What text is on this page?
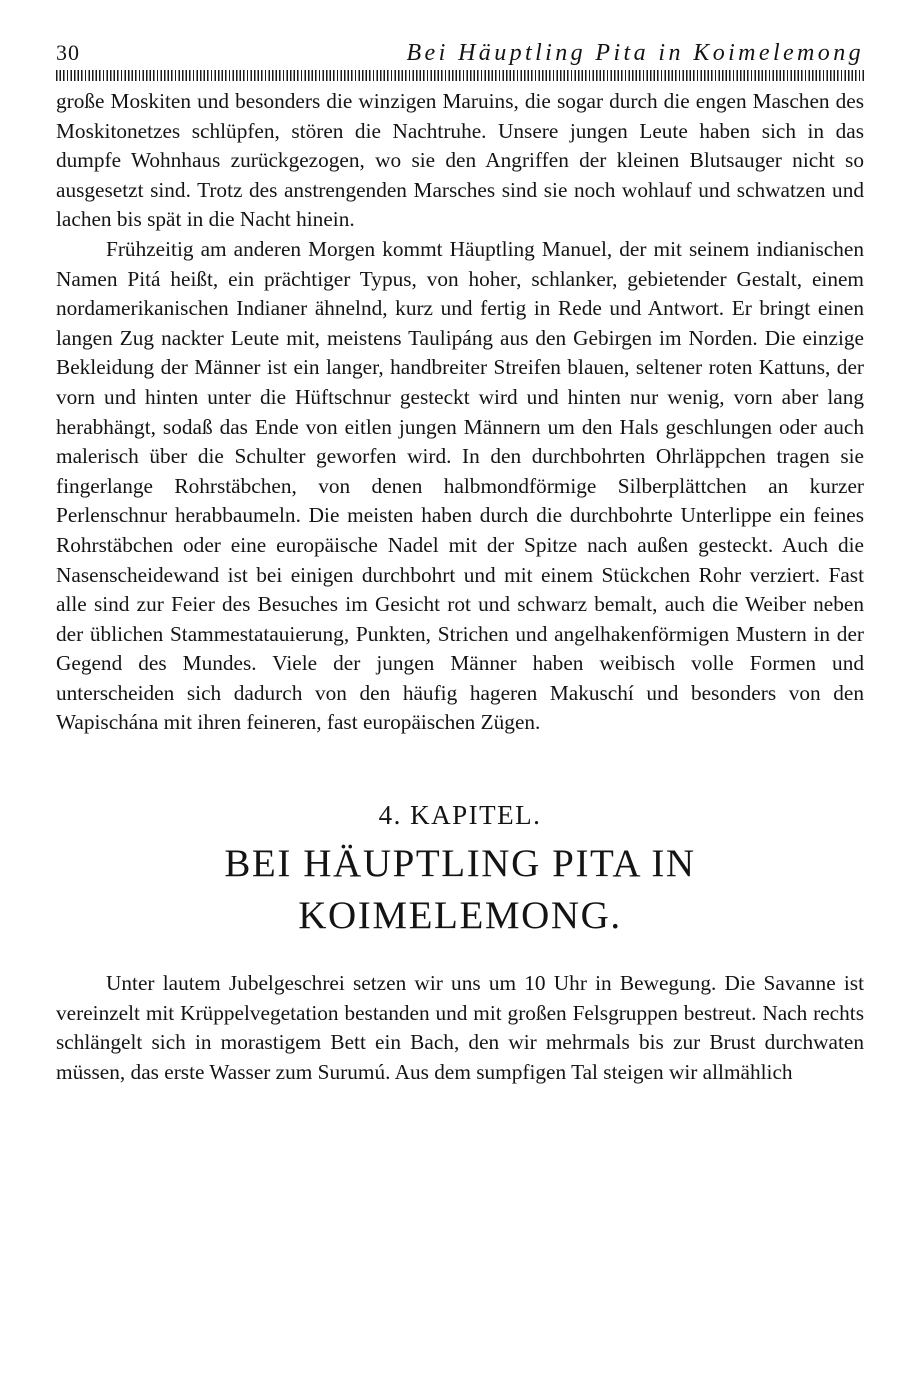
30	Bei Häuptling Pita in Koimelemong

große Moskiten und besonders die winzigen Maruins, die sogar durch die engen Maschen des Moskitonetzes schlüpfen, stören die Nachtruhe. Unsere jungen Leute haben sich in das dumpfe Wohnhaus zurückgezogen, wo sie den Angriffen der kleinen Blutsauger nicht so ausgesetzt sind. Trotz des anstrengenden Marsches sind sie noch wohlauf und schwatzen und lachen bis spät in die Nacht hinein.

Frühzeitig am anderen Morgen kommt Häuptling Manuel, der mit seinem indianischen Namen Pitá heißt, ein prächtiger Typus, von hoher, schlanker, gebietender Gestalt, einem nordamerikanischen Indianer ähnelnd, kurz und fertig in Rede und Antwort. Er bringt einen langen Zug nackter Leute mit, meistens Taulipáng aus den Gebirgen im Norden. Die einzige Bekleidung der Männer ist ein langer, handbreiter Streifen blauen, seltener roten Kattuns, der vorn und hinten unter die Hüftschnur gesteckt wird und hinten nur wenig, vorn aber lang herabhängt, sodaß das Ende von eitlen jungen Männern um den Hals geschlungen oder auch malerisch über die Schulter geworfen wird. In den durchbohrten Ohrläppchen tragen sie fingerlange Rohrstäbchen, von denen halbmondförmige Silberplättchen an kurzer Perlenschnur herabbaumeln. Die meisten haben durch die durchbohrte Unterlippe ein feines Rohrstäbchen oder eine europäische Nadel mit der Spitze nach außen gesteckt. Auch die Nasenscheidewand ist bei einigen durchbohrt und mit einem Stückchen Rohr verziert. Fast alle sind zur Feier des Besuches im Gesicht rot und schwarz bemalt, auch die Weiber neben der üblichen Stammestatauierung, Punkten, Strichen und angelhakenförmigen Mustern in der Gegend des Mundes. Viele der jungen Männer haben weibisch volle Formen und unterscheiden sich dadurch von den häufig hageren Makuschí und besonders von den Wapischána mit ihren feineren, fast europäischen Zügen.

4. KAPITEL.
BEI HÄUPTLING PITA IN
KOIMELEMONG.

Unter lautem Jubelgeschrei setzen wir uns um 10 Uhr in Bewegung. Die Savanne ist vereinzelt mit Krüppelvegetation bestanden und mit großen Felsgruppen bestreut. Nach rechts schlängelt sich in morastigem Bett ein Bach, den wir mehrmals bis zur Brust durchwaten müssen, das erste Wasser zum Surumú. Aus dem sumpfigen Tal steigen wir allmählich
